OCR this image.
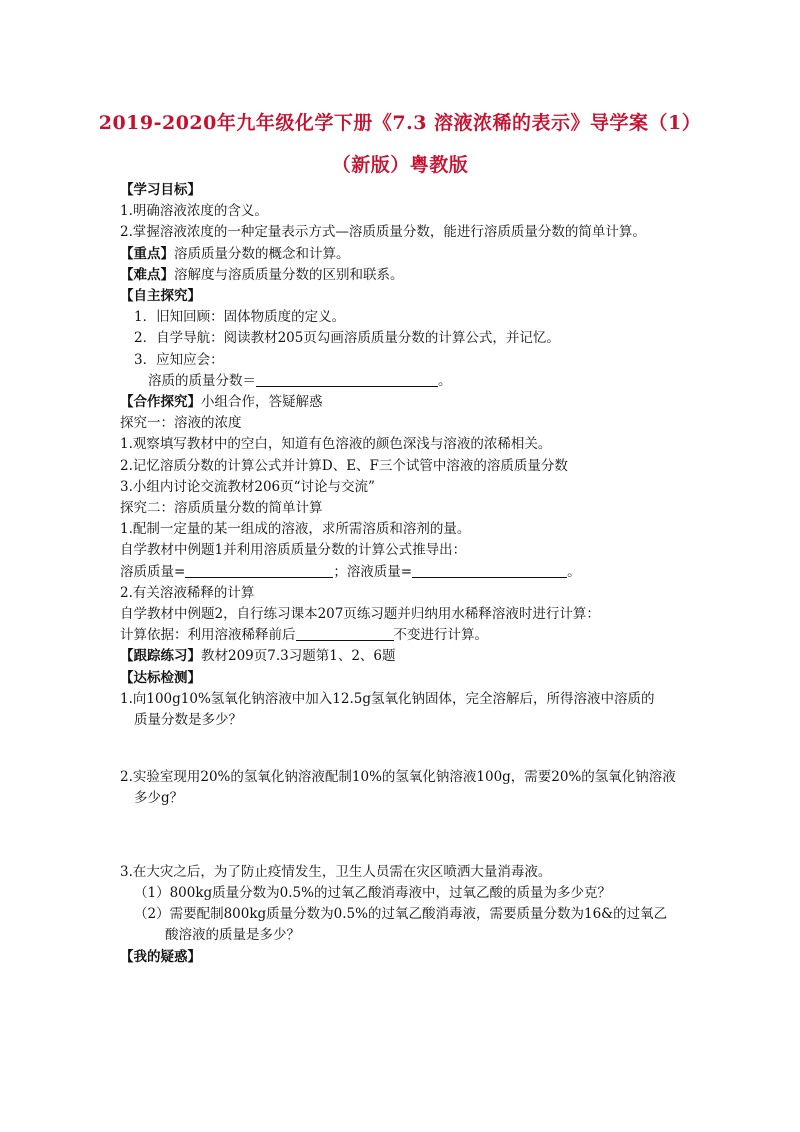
2019-2020年九年级化学下册《7.3 溶液浓稀的表示》导学案（1）
（新版）粤教版
【学习目标】
1.明确溶液浓度的含义。
2.掌握溶液浓度的一种定量表示方式—溶质质量分数，能进行溶质质量分数的简单计算。
【重点】溶质质量分数的概念和计算。
【难点】溶解度与溶质质量分数的区别和联系。
【自主探究】
1．旧知回顾：固体物质度的定义。
2．自学导航：阅读教材205页勾画溶质质量分数的计算公式，并记忆。
3．应知应会：
溶质的质量分数＝	。
【合作探究】小组合作，答疑解惑
探究一：溶液的浓度
1.观察填写教材中的空白，知道有色溶液的颜色深浅与溶液的浓稀相关。
2.记忆溶质分数的计算公式并计算D、E、F三个试管中溶液的溶质质量分数
3.小组内讨论交流教材206页“讨论与交流”
探究二：溶质质量分数的简单计算
1.配制一定量的某一组成的溶液，求所需溶质和溶剂的量。
自学教材中例题1并利用溶质质量分数的计算公式推导出：
溶质质量=	；溶液质量=	。
2.有关溶液稀释的计算
自学教材中例题2，自行练习课本207页练习题并归纳用水稀释溶液时进行计算：
计算依据：利用溶液稀释前后	不变进行计算。
【跟踪练习】教材209页7.3习题第1、2、6题
【达标检测】
1.向100g10%氢氧化钠溶液中加入12.5g氢氧化钠固体，完全溶解后，所得溶液中溶质的
质量分数是多少？
2.实验室现用20%的氢氧化钠溶液配制10%的氢氧化钠溶液100g，需要20%的氢氧化钠溶液
多少g？
3.在大灾之后，为了防止疫情发生，卫生人员需在灾区喷洒大量消毒液。
（1）800kg质量分数为0.5%的过氧乙酸消毒液中，过氧乙酸的质量为多少克？
（2）需要配制800kg质量分数为0.5%的过氧乙酸消毒液，需要质量分数为16&的过氧乙
酸溶液的质量是多少？
【我的疑惑】
